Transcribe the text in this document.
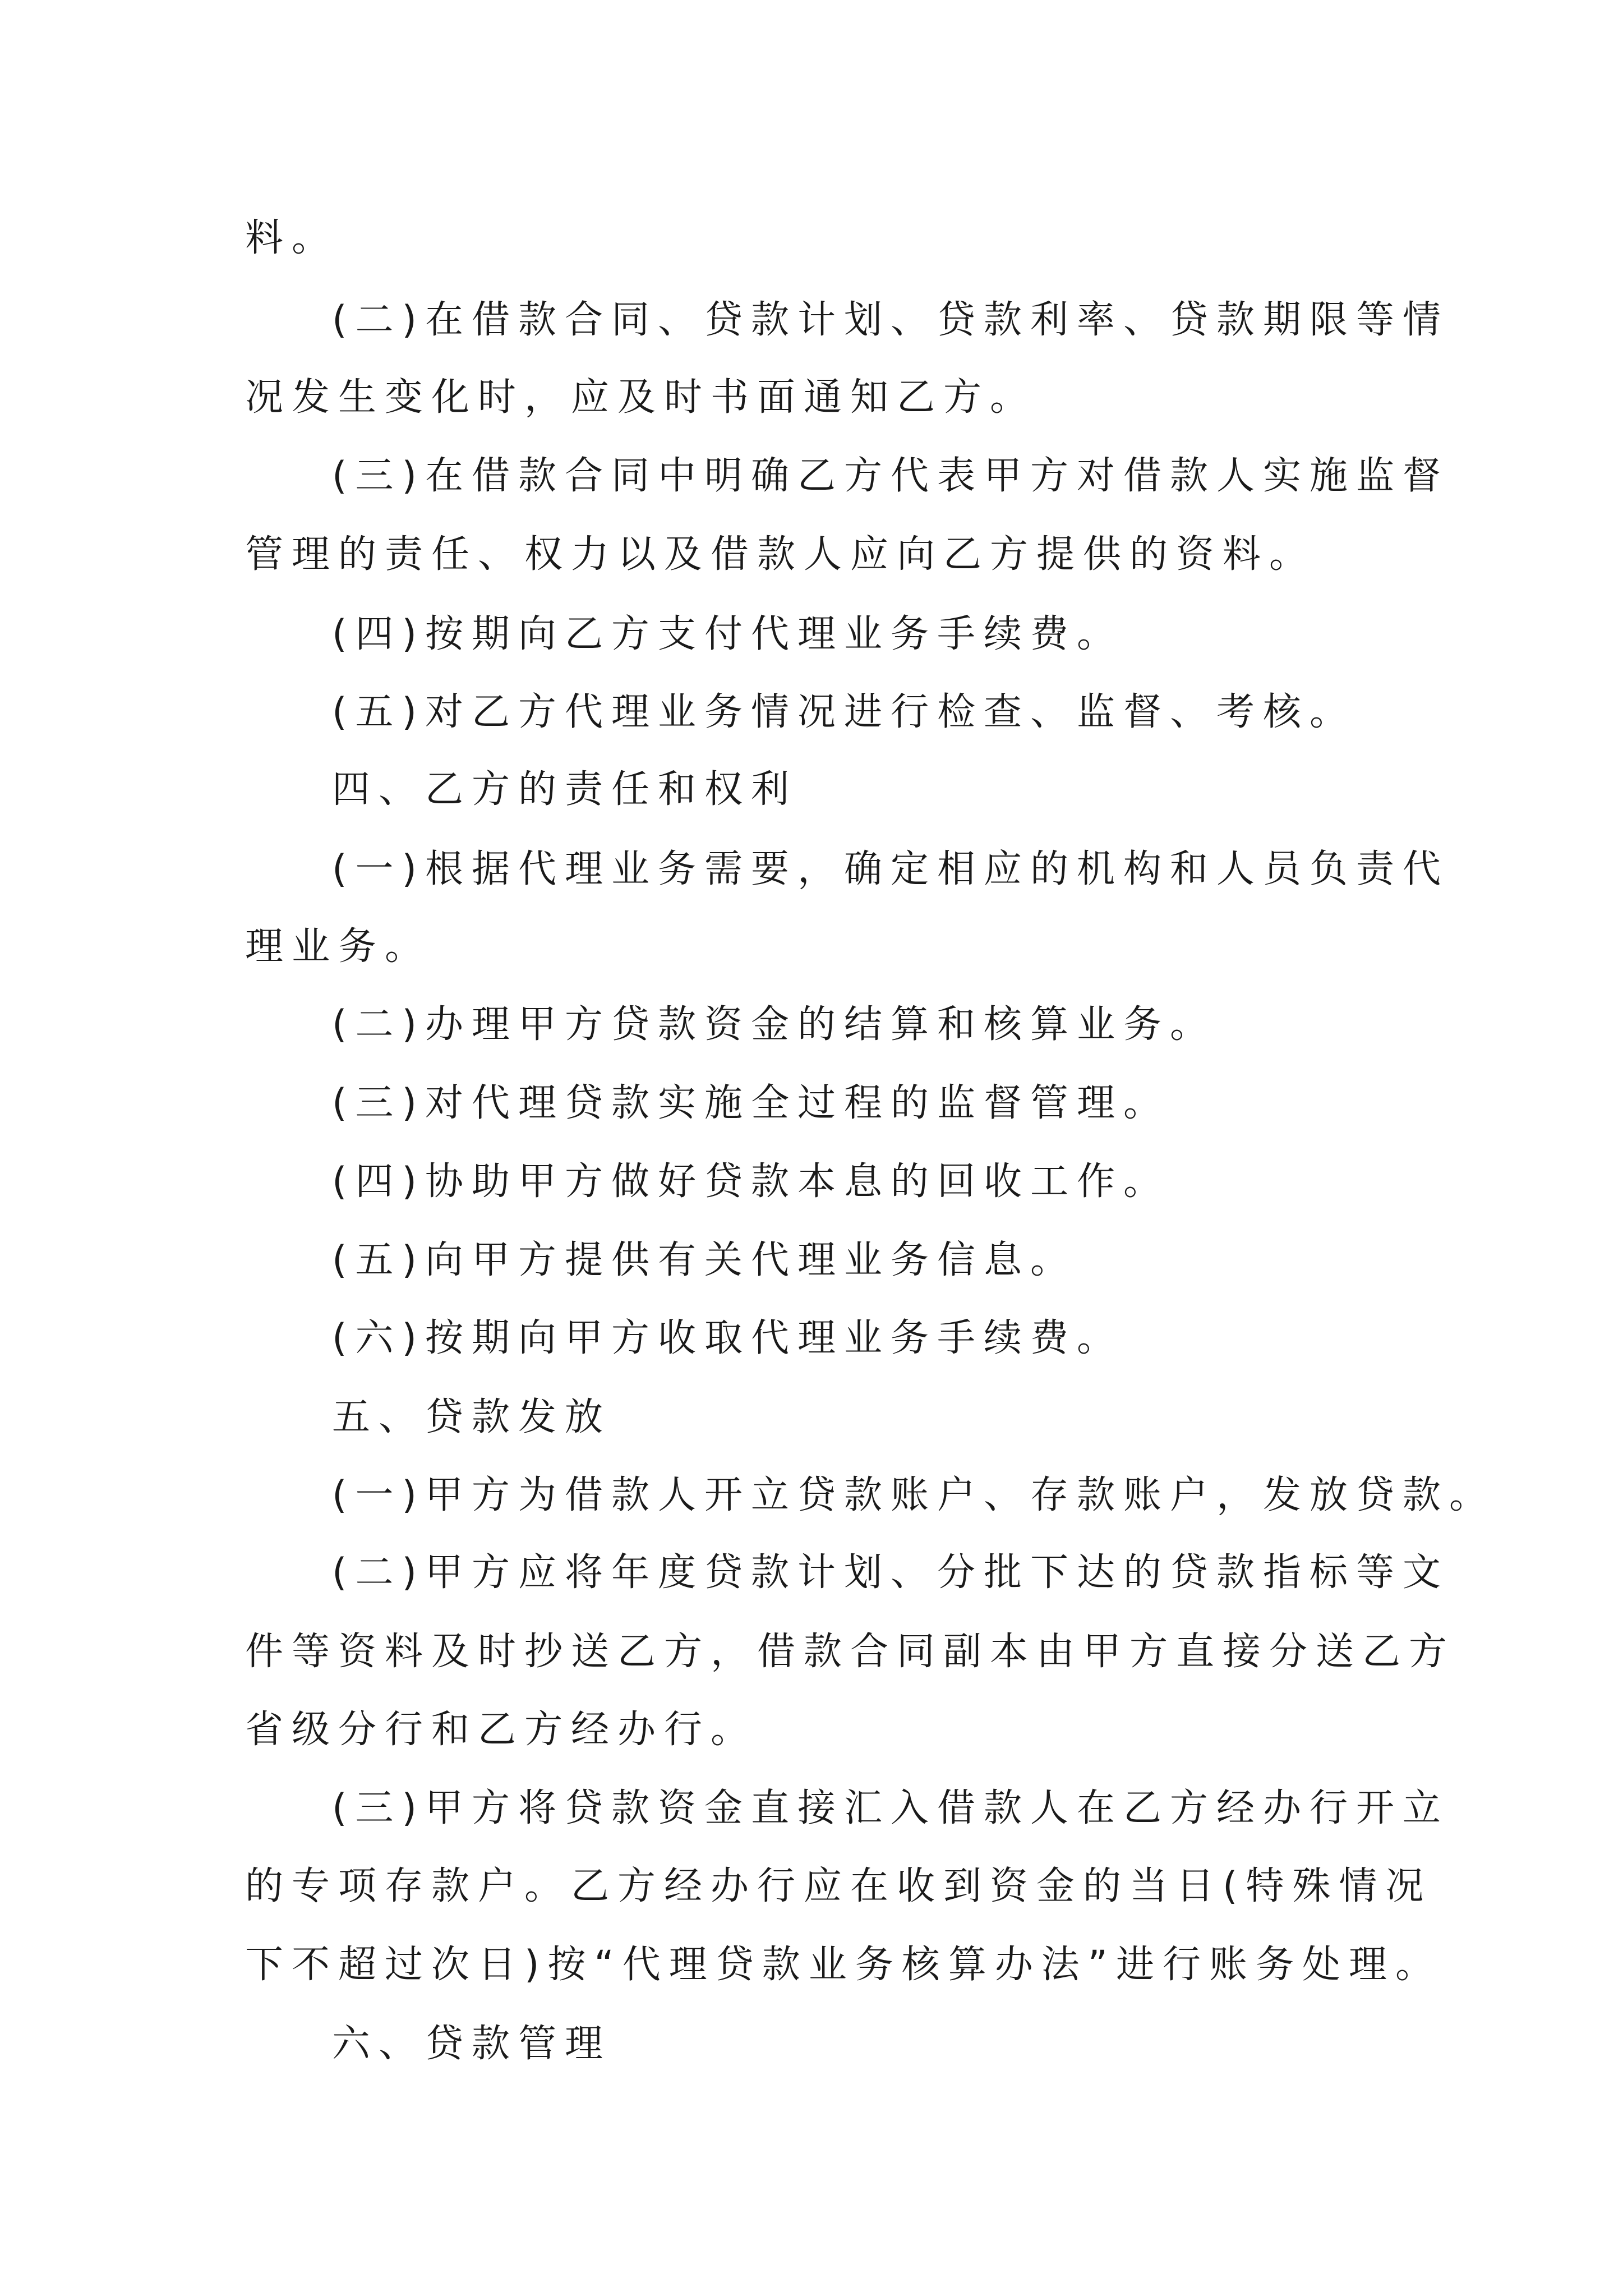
料。

(二)在借款合同、贷款计划、贷款利率、贷款期限等情

况发生变化时，应及时书面通知乙方。

(三)在借款合同中明确乙方代表甲方对借款人实施监督

管理的责任、权力以及借款人应向乙方提供的资料。

(四)按期向乙方支付代理业务手续费。

(五)对乙方代理业务情况进行检查、监督、考核。

四、乙方的责任和权利

(一)根据代理业务需要，确定相应的机构和人员负责代

理业务。

(二)办理甲方贷款资金的结算和核算业务。

(三)对代理贷款实施全过程的监督管理。

(四)协助甲方做好贷款本息的回收工作。

(五)向甲方提供有关代理业务信息。

(六)按期向甲方收取代理业务手续费。

五、贷款发放

(一)甲方为借款人开立贷款账户、存款账户，发放贷款。

(二)甲方应将年度贷款计划、分批下达的贷款指标等文

件等资料及时抄送乙方，借款合同副本由甲方直接分送乙方

省级分行和乙方经办行。

(三)甲方将贷款资金直接汇入借款人在乙方经办行开立

的专项存款户。乙方经办行应在收到资金的当日(特殊情况

下不超过次日)按“代理贷款业务核算办法”进行账务处理。

六、贷款管理
